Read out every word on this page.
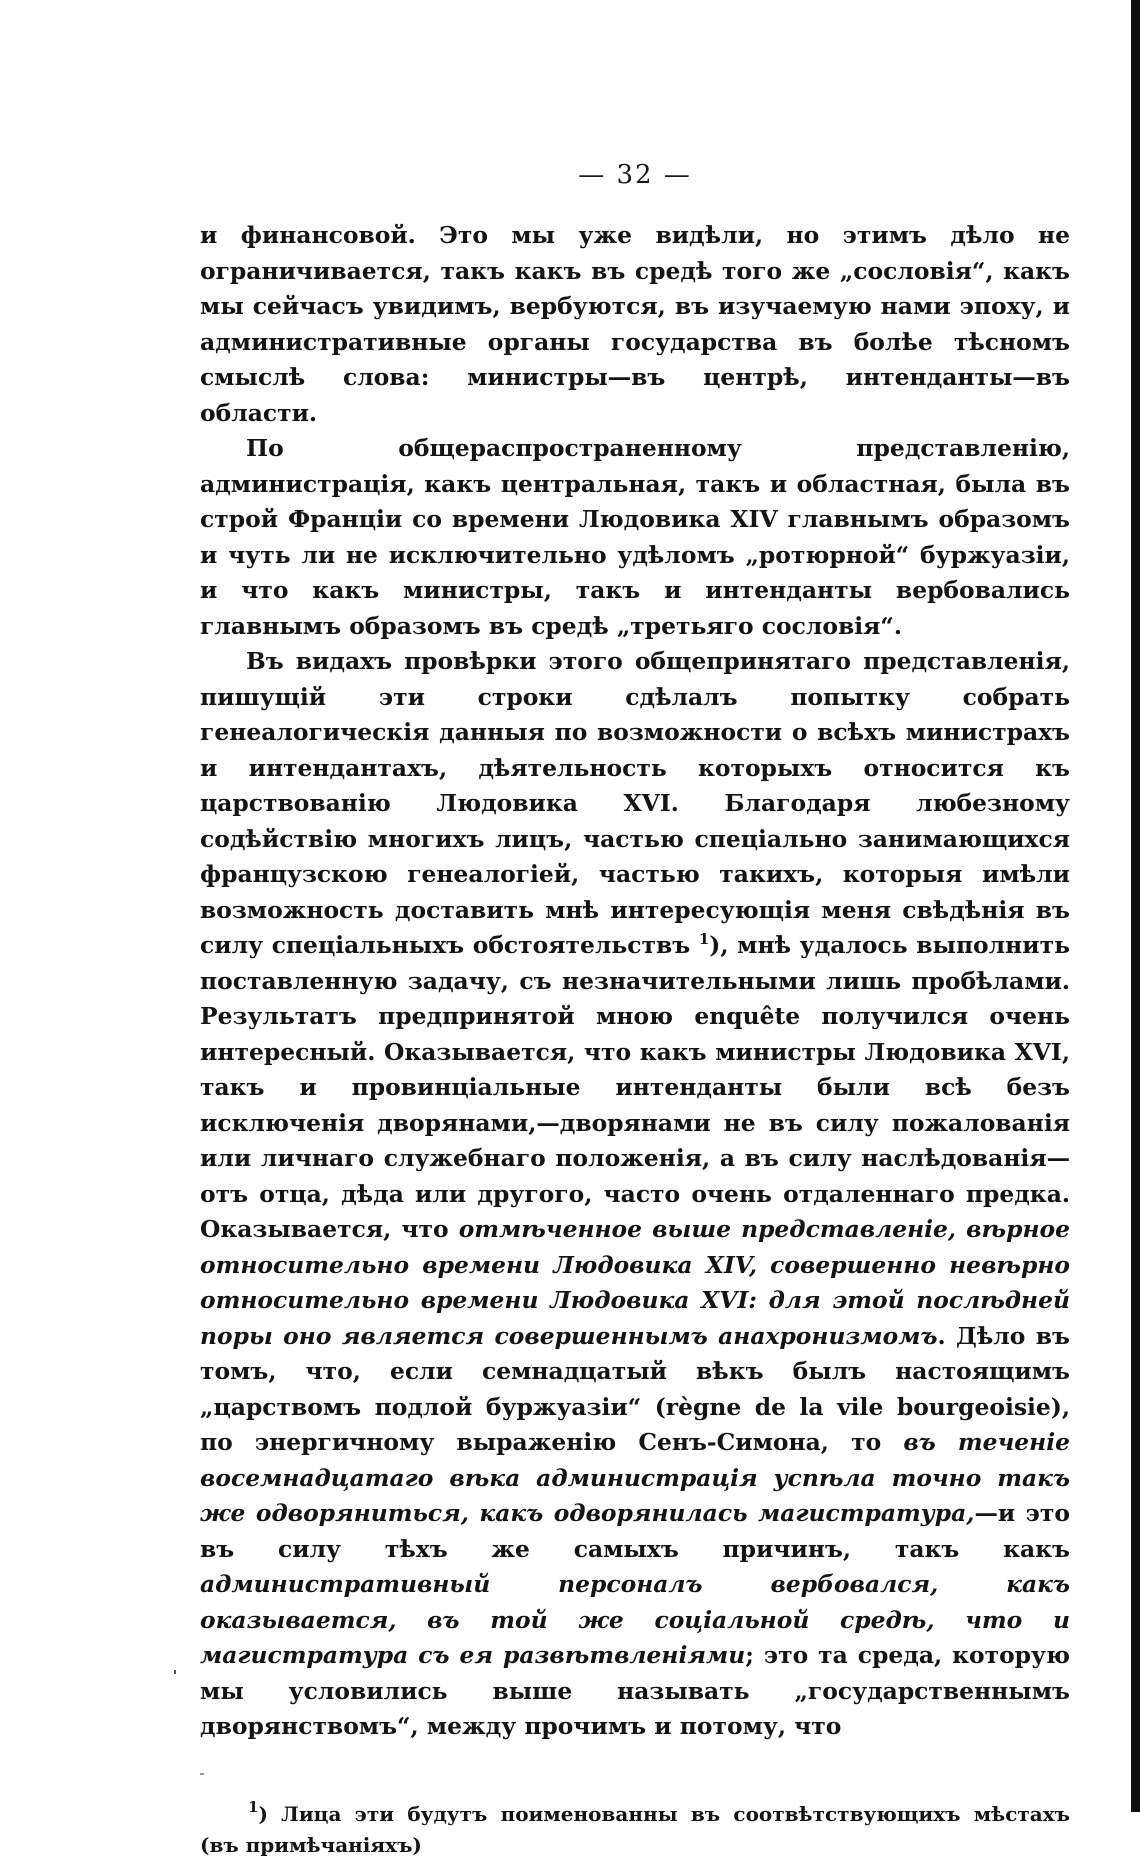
— 32 —

и финансовой. Это мы уже видѣли, но этимъ дѣло не ограничивается, такъ какъ въ средѣ того же „сословія“, какъ мы сейчасъ увидимъ, вербуются, въ изучаемую нами эпоху, и административные органы государства въ болѣе тѣсномъ смыслѣ слова: министры—въ центрѣ, интенданты—въ области.

По общераспространенному представленію, администрація, какъ центральная, такъ и областная, была въ строй Франціи со времени Людовика XIV главнымъ образомъ и чуть ли не исключительно удѣломъ „ротюрной“ буржуазіи, и что какъ министры, такъ и интенданты вербовались главнымъ образомъ въ средѣ „третьяго сословія“.

Въ видахъ провѣрки этого общепринятаго представленія, пишущій эти строки сдѣлалъ попытку собрать генеалогическія данныя по возможности о всѣхъ министрахъ и интендантахъ, дѣятельность которыхъ относится къ царствованію Людовика XVI. Благодаря любезному содѣйствію многихъ лицъ, частью спеціально занимающихся французскою генеалогіей, частью такихъ, которыя имѣли возможность доставить мнѣ интересующія меня свѣдѣнія въ силу спеціальныхъ обстоятельствъ $^1$), мнѣ удалось выполнить поставленную задачу, съ незначительными лишь пробѣлами. Результатъ предпринятой мною enquête получился очень интересный. Оказывается, что какъ министры Людовика XVI, такъ и провинціальные интенданты были всѣ безъ исключенія дворянами,—дворянами не въ силу пожалованія или личнаго служебнаго положенія, а въ силу наслѣдованія—отъ отца, дѣда или другого, часто очень отдаленнаго предка. Оказывается, что отмѣченное выше представленіе, вѣрное относительно времени Людовика XIV, совершенно невѣрно относительно времени Людовика XVI: для этой послѣдней поры оно является совершеннымъ анахронизмомъ. Дѣло въ томъ, что, если семнадцатый вѣкъ былъ настоящимъ „царствомъ подлой буржуазіи“ (règne de la vile bourgeoisie), по энергичному выраженію Сенъ-Симона, то въ теченіе восемнадцатаго вѣка администрація успѣла точно такъ же одворяниться, какъ одворянилась магистратура,—и это въ силу тѣхъ же самыхъ причинъ, такъ какъ административный персоналъ вербовался, какъ оказывается, въ той же соціальной средѣ, что и магистратура съ ея развѣтвленіями; это та среда, которую мы условились выше называть „государственнымъ дворянствомъ“, между прочимъ и потому, что

$^1$) Лица эти будутъ поименованны въ соотвѣтствующихъ мѣстахъ (въ примѣчаніяхъ)
